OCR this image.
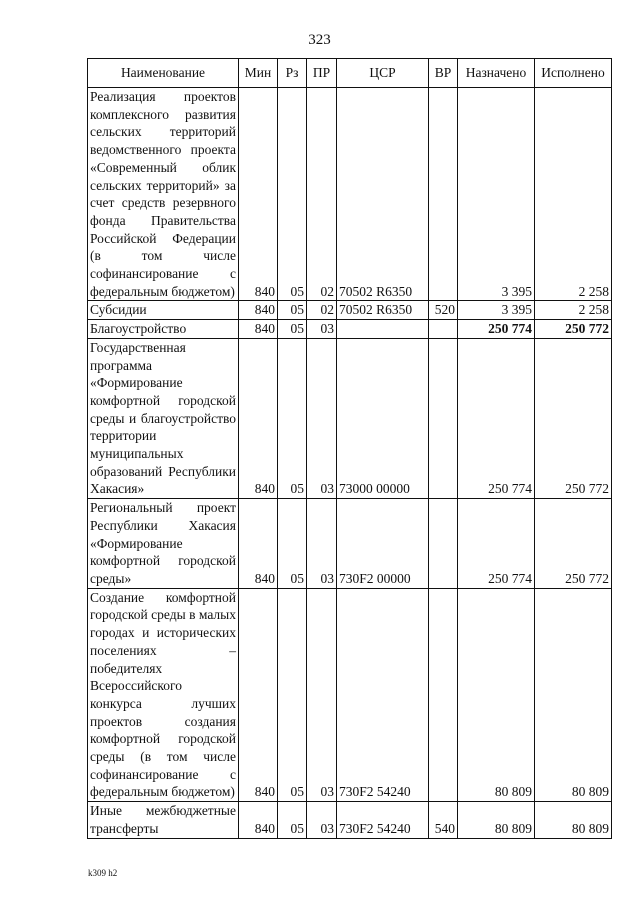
323
Наименование	Мин	Рз	ПР	ЦСР	ВР	Назначено	Исполнено
Реализация проектов комплексного развития сельских территорий ведомственного проекта «Современный облик сельских территорий» за счет средств резервного фонда Правительства Российской Федерации (в том числе софинансирование с федеральным бюджетом)	840	05	02	70502 R6350		3 395	2 258
Субсидии	840	05	02	70502 R6350	520	3 395	2 258
Благоустройство	840	05	03			250 774	250 772
Государственная программа «Формирование комфортной городской среды и благоустройство территории муниципальных образований Республики Хакасия»	840	05	03	73000 00000		250 774	250 772
Региональный проект Республики Хакасия «Формирование комфортной городской среды»	840	05	03	730F2 00000		250 774	250 772
Создание комфортной городской среды в малых городах и исторических поселениях – победителях Всероссийского конкурса лучших проектов создания комфортной городской среды (в том числе софинансирование с федеральным бюджетом)	840	05	03	730F2 54240		80 809	80 809
Иные межбюджетные трансферты	840	05	03	730F2 54240	540	80 809	80 809
k309 h2
